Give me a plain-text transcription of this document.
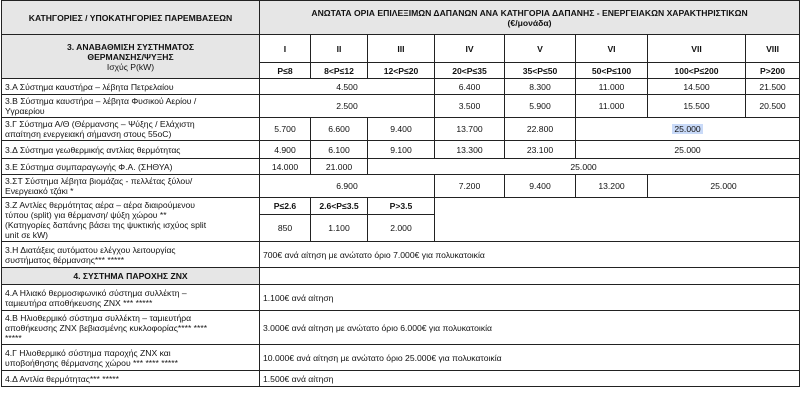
ΚΑΤΗΓΟΡΙΕΣ / ΥΠΟΚΑΤΗΓΟΡΙΕΣ ΠΑΡΕΜΒΑΣΕΩΝ	ΑΝΩΤΑΤΑ ΟΡΙΑ ΕΠΙΛΕΞΙΜΩΝ ΔΑΠΑΝΩΝ ΑΝΑ ΚΑΤΗΓΟΡΙΑ ΔΑΠΑΝΗΣ - ΕΝΕΡΓΕΙΑΚΩΝ ΧΑΡΑΚΤΗΡΙΣΤΙΚΩΝ
(€/μονάδα)							

3. ΑΝΑΒΑΘΜΙΣΗ ΣΥΣΤΗΜΑΤΟΣ
ΘΕΡΜΑΝΣΗΣ/ΨΥΞΗΣ
Ισχύς P(kW)	I	II	III	IV	V	VI	VII	VIII
	P≤8	8<P≤12	12<P≤20	20<P≤35	35<P≤50	50<P≤100	100<P≤200	P>200
3.Α Σύστημα καυστήρα – λέβητα Πετρελαίου	4.500			6.400	8.300	11.000	14.500	21.500

3.Β Σύστημα καυστήρα – λέβητα Φυσικού Αερίου /
Υγραερίου	2.500			3.500	5.900	11.000	15.500	20.500

3.Γ Σύστημα Α/Θ (Θέρμανσης – Ψύξης / Ελάχιστη
απαίτηση ενεργειακή σήμανση στους 55oC)	5.700	6.600	9.400	13.700	22.800	25.000		
3.Δ Σύστημα γεωθερμικής αντλίας θερμότητας	4.900	6.100	9.100	13.300	23.100	25.000		
3.Ε Σύστημα συμπαραγωγής Φ.Α. (ΣΗΘΥΑ)	14.000	21.000	25.000					

3.ΣΤ Σύστημα λέβητα βιομάζας - πελλέτας ξύλου/
Ενεργειακό τζάκι *	6.900			7.200	9.400	13.200	25.000	

3.Ζ Αντλίες θερμότητας αέρα – αέρα διαιρούμενου
τύπου (split) για θέρμανση/ ψύξη χώρου **
(Κατηγορίες δαπάνης βάσει της ψυκτικής ισχύος split
unit σε kW)	P≤2.6	2.6<P≤3.5	P>3.5					
	850	1.100	2.000					

3.Η Διατάξεις αυτόματου ελέγχου λειτουργίας
συστήματος θέρμανσης*** *****	700€ ανά αίτηση με ανώτατο όριο 7.000€ για πολυκατοικία							
4. ΣΥΣΤΗΜΑ ΠΑΡΟΧΗΣ ΖΝΧ								

4.Α Ηλιακό θερμοσιφωνικό σύστημα συλλέκτη –
ταμιευτήρα αποθήκευσης ΖΝΧ *** *****	1.100€ ανά αίτηση							

4.Β Ηλιοθερμικό σύστημα συλλέκτη – ταμιευτήρα
αποθήκευσης ΖΝΧ βεβιασμένης κυκλοφορίας**** ****
*****	3.000€ ανά αίτηση με ανώτατο όριο 6.000€ για πολυκατοικία							

4.Γ Ηλιοθερμικό σύστημα παροχής ΖΝΧ και
υποβοήθησης θέρμανσης χώρου *** **** *****	10.000€ ανά αίτηση με ανώτατο όριο 25.000€ για πολυκατοικία							
4.Δ Αντλία θερμότητας*** *****	1.500€ ανά αίτηση							
